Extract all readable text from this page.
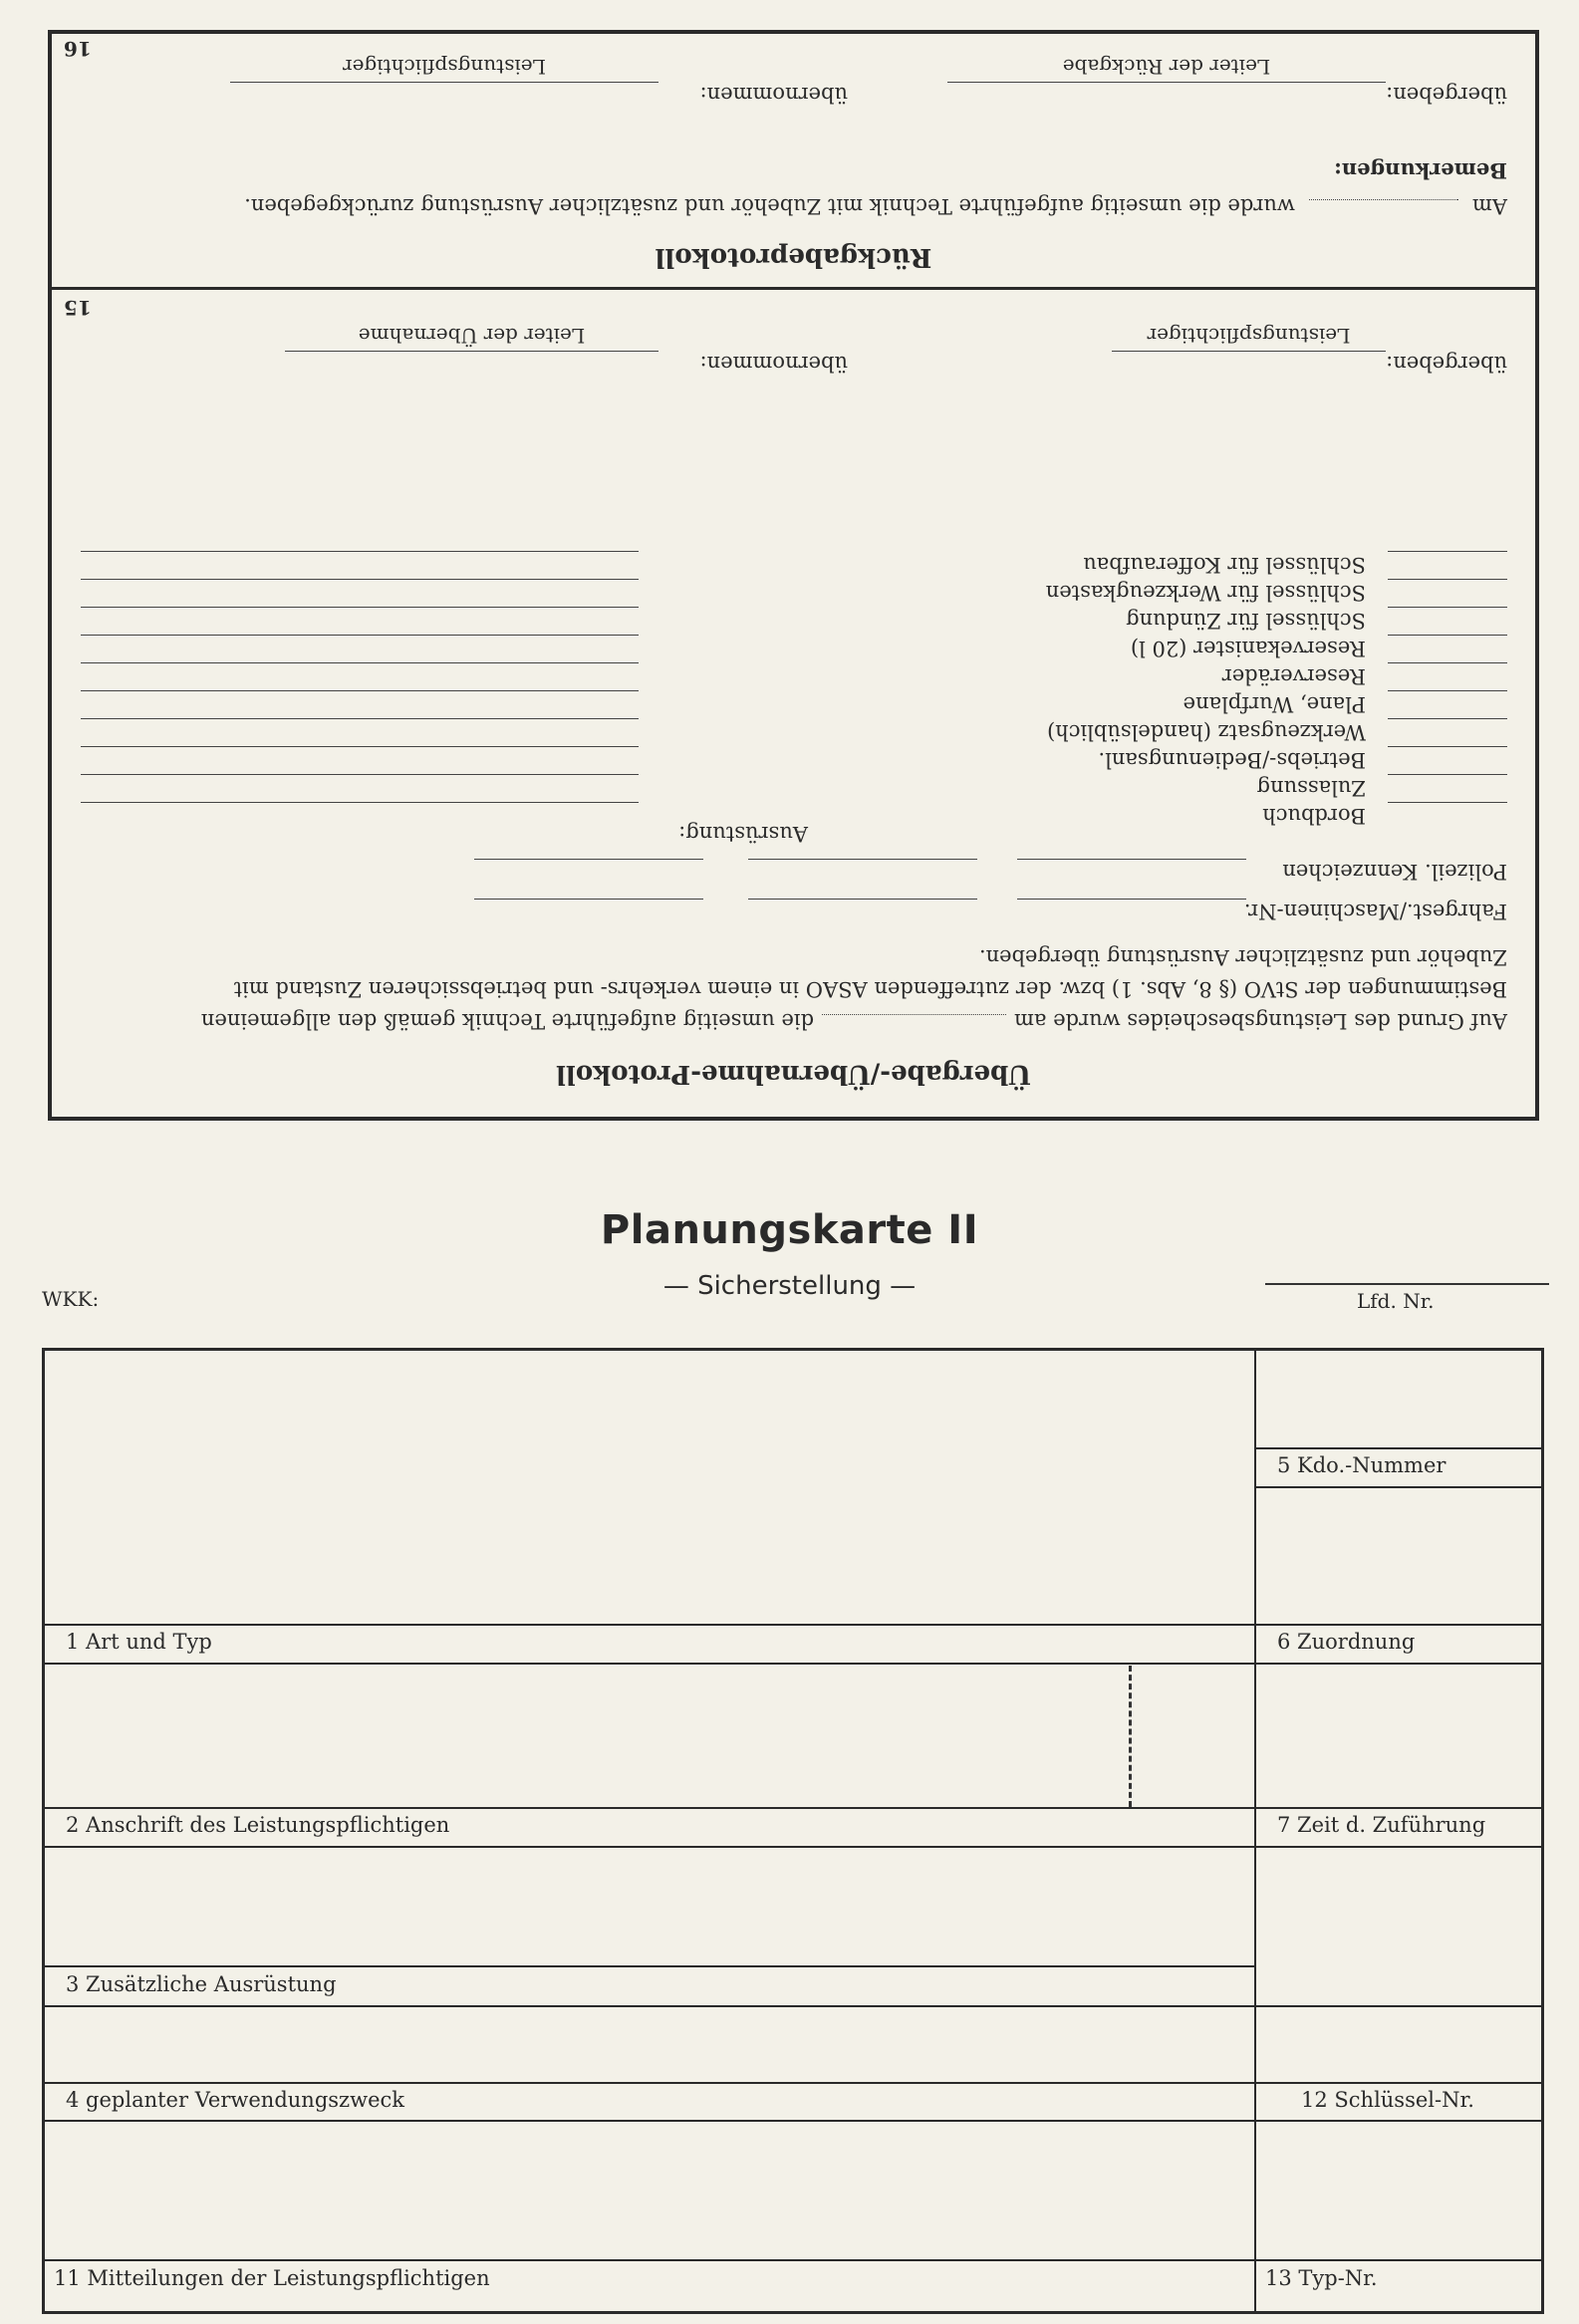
Übergabe-/Übernahme-Protokoll
Auf Grund des Leistungsbescheides wurde amdie umseitig aufgeführte Technik gemäß den allgemeinen
Bestimmungen der StVO (§ 8, Abs. 1) bzw. der zutreffenden ASAO in einem verkehrs- und betriebssicheren Zustand mit
Zubehör und zusätzlicher Ausrüstung übergeben.
Fahrgest./Maschinen-Nr.
Polizeil. Kennzeichen
Ausrüstung:
Bordbuch
Zulassung
Betriebs-/Bedienungsanl.
Werkzeugsatz (handelsüblich)
Plane, Wurfplane
Reserveräder
Reservekanister (20 l)
Schlüssel für Zündung
Schlüssel für Werkzeugkasten
Schlüssel für Kofferaufbau
übergeben:
Leistungspflichtiger
übernommen:
Leiter der Übernahme
15
Rückgabeprotokoll
Amwurde die umseitig aufgeführte Technik mit Zubehör und zusätzlicher Ausrüstung zurückgegeben.
Bemerkungen:
übergeben:
Leiter der Rückgabe
übernommen:
Leistungspflichtiger
16
Planungskarte II
— Sicherstellung —
WKK:	Lfd. Nr.
1 Art und Typ
2 Anschrift des Leistungspflichtigen
3 Zusätzliche Ausrüstung
4 geplanter Verwendungszweck
11 Mitteilungen der Leistungspflichtigen
5 Kdo.-Nummer
6 Zuordnung
7 Zeit d. Zuführung
12 Schlüssel-Nr.
13 Typ-Nr.
